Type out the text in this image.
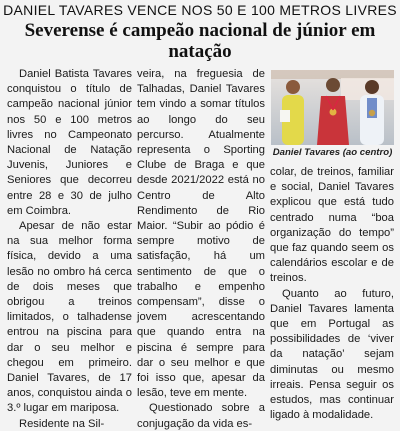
DANIEL TAVARES VENCE NOS 50 E 100 METROS LIVRES
Severense é campeão nacional de júnior em natação

Daniel Batista Tavares conquistou o título de campeão nacional júnior nos 50 e 100 metros livres no Campeonato Nacional de Natação Juvenis, Juniores e Seniores que decorreu entre 28 e 30 de julho em Coimbra.

Apesar de não estar na sua melhor forma física, devido a uma lesão no ombro há cerca de dois meses que obrigou a treinos limitados, o talhadense entrou na piscina para dar o seu melhor e chegou em primeiro. Daniel Tavares, de 17 anos, conquistou ainda o 3.º lugar em mariposa.

Residente na Sil-

veira, na freguesia de Talhadas, Daniel Tavares tem vindo a somar títulos ao longo do seu percurso. Atualmente representa o Sporting Clube de Braga e que desde 2021/2022 está no Centro de Alto Rendimento de Rio Maior. “Subir ao pódio é sempre motivo de satisfação, há um sentimento de que o trabalho e empenho compensam”, disse o jovem acrescentando que quando entra na piscina é sempre para dar o seu melhor e que foi isso que, apesar da lesão, teve em mente.

Questionado sobre a conjugação da vida es-

Daniel Tavares (ao centro)

colar, de treinos, familiar e social, Daniel Tavares explicou que está tudo centrado numa “boa organização do tempo” que faz quando seem os calendários escolar e de treinos.

Quanto ao futuro, Daniel Tavares lamenta que em Portugal as possibilidades de ‘viver da natação’ sejam diminutas ou mesmo irreais. Pensa seguir os estudos, mas continuar ligado à modalidade.
